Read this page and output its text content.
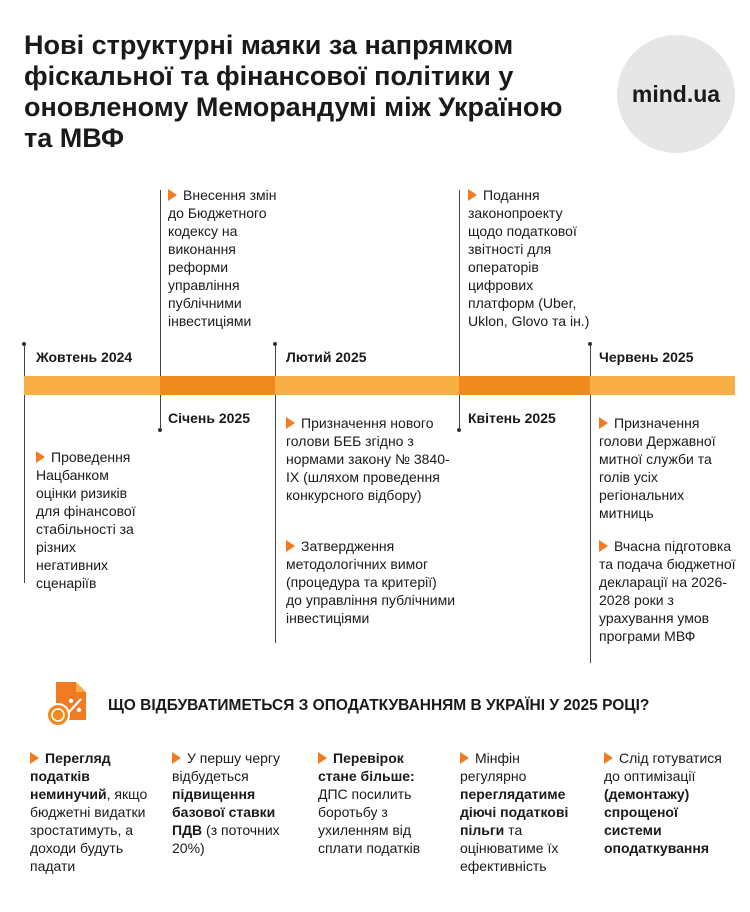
Нові структурні маяки за напрямком фіскальної та фінансової політики у оновленому Меморандумі між Україною та МВФ
mind.ua
Жовтень 2024

Проведення Нацбанком оцінки ризиків для фінансової стабільності за різних негативних сценаріїв

Січень 2025

Внесення змін до Бюджетного кодексу на виконання реформи управління публічними інвестиціями

Лютий 2025

Призначення нового голови БЕБ згідно з нормами закону № 3840-IX (шляхом проведення конкурсного відбору)

Затвердження методологічних вимог (процедура та критерії) до управління публічними інвестиціями

Квітень 2025

Подання законопроекту щодо податкової звітності для операторів цифрових платформ (Uber, Uklon, Glovo та ін.)

Червень 2025

Призначення голови Державної митної служби та голів усіх регіональних митниць

Вчасна підготовка та подача бюджетної декларації на 2026-2028 роки з урахування умов програми МВФ

ЩО ВІДБУВАТИМЕТЬСЯ З ОПОДАТКУВАННЯМ В УКРАЇНІ У 2025 РОЦІ?
Перегляд податків неминучий, якщо бюджетні видатки зростатимуть, а доходи будуть падати
У першу чергу відбудеться підвищення базової ставки ПДВ (з поточних 20%)
Перевірок стане більше: ДПС посилить боротьбу з ухиленням від сплати податків
Мінфін регулярно переглядатиме діючі податкові пільги та оцінюватиме їх ефективність
Слід готуватися до оптимізації (демонтажу) спрощеної системи оподаткування
